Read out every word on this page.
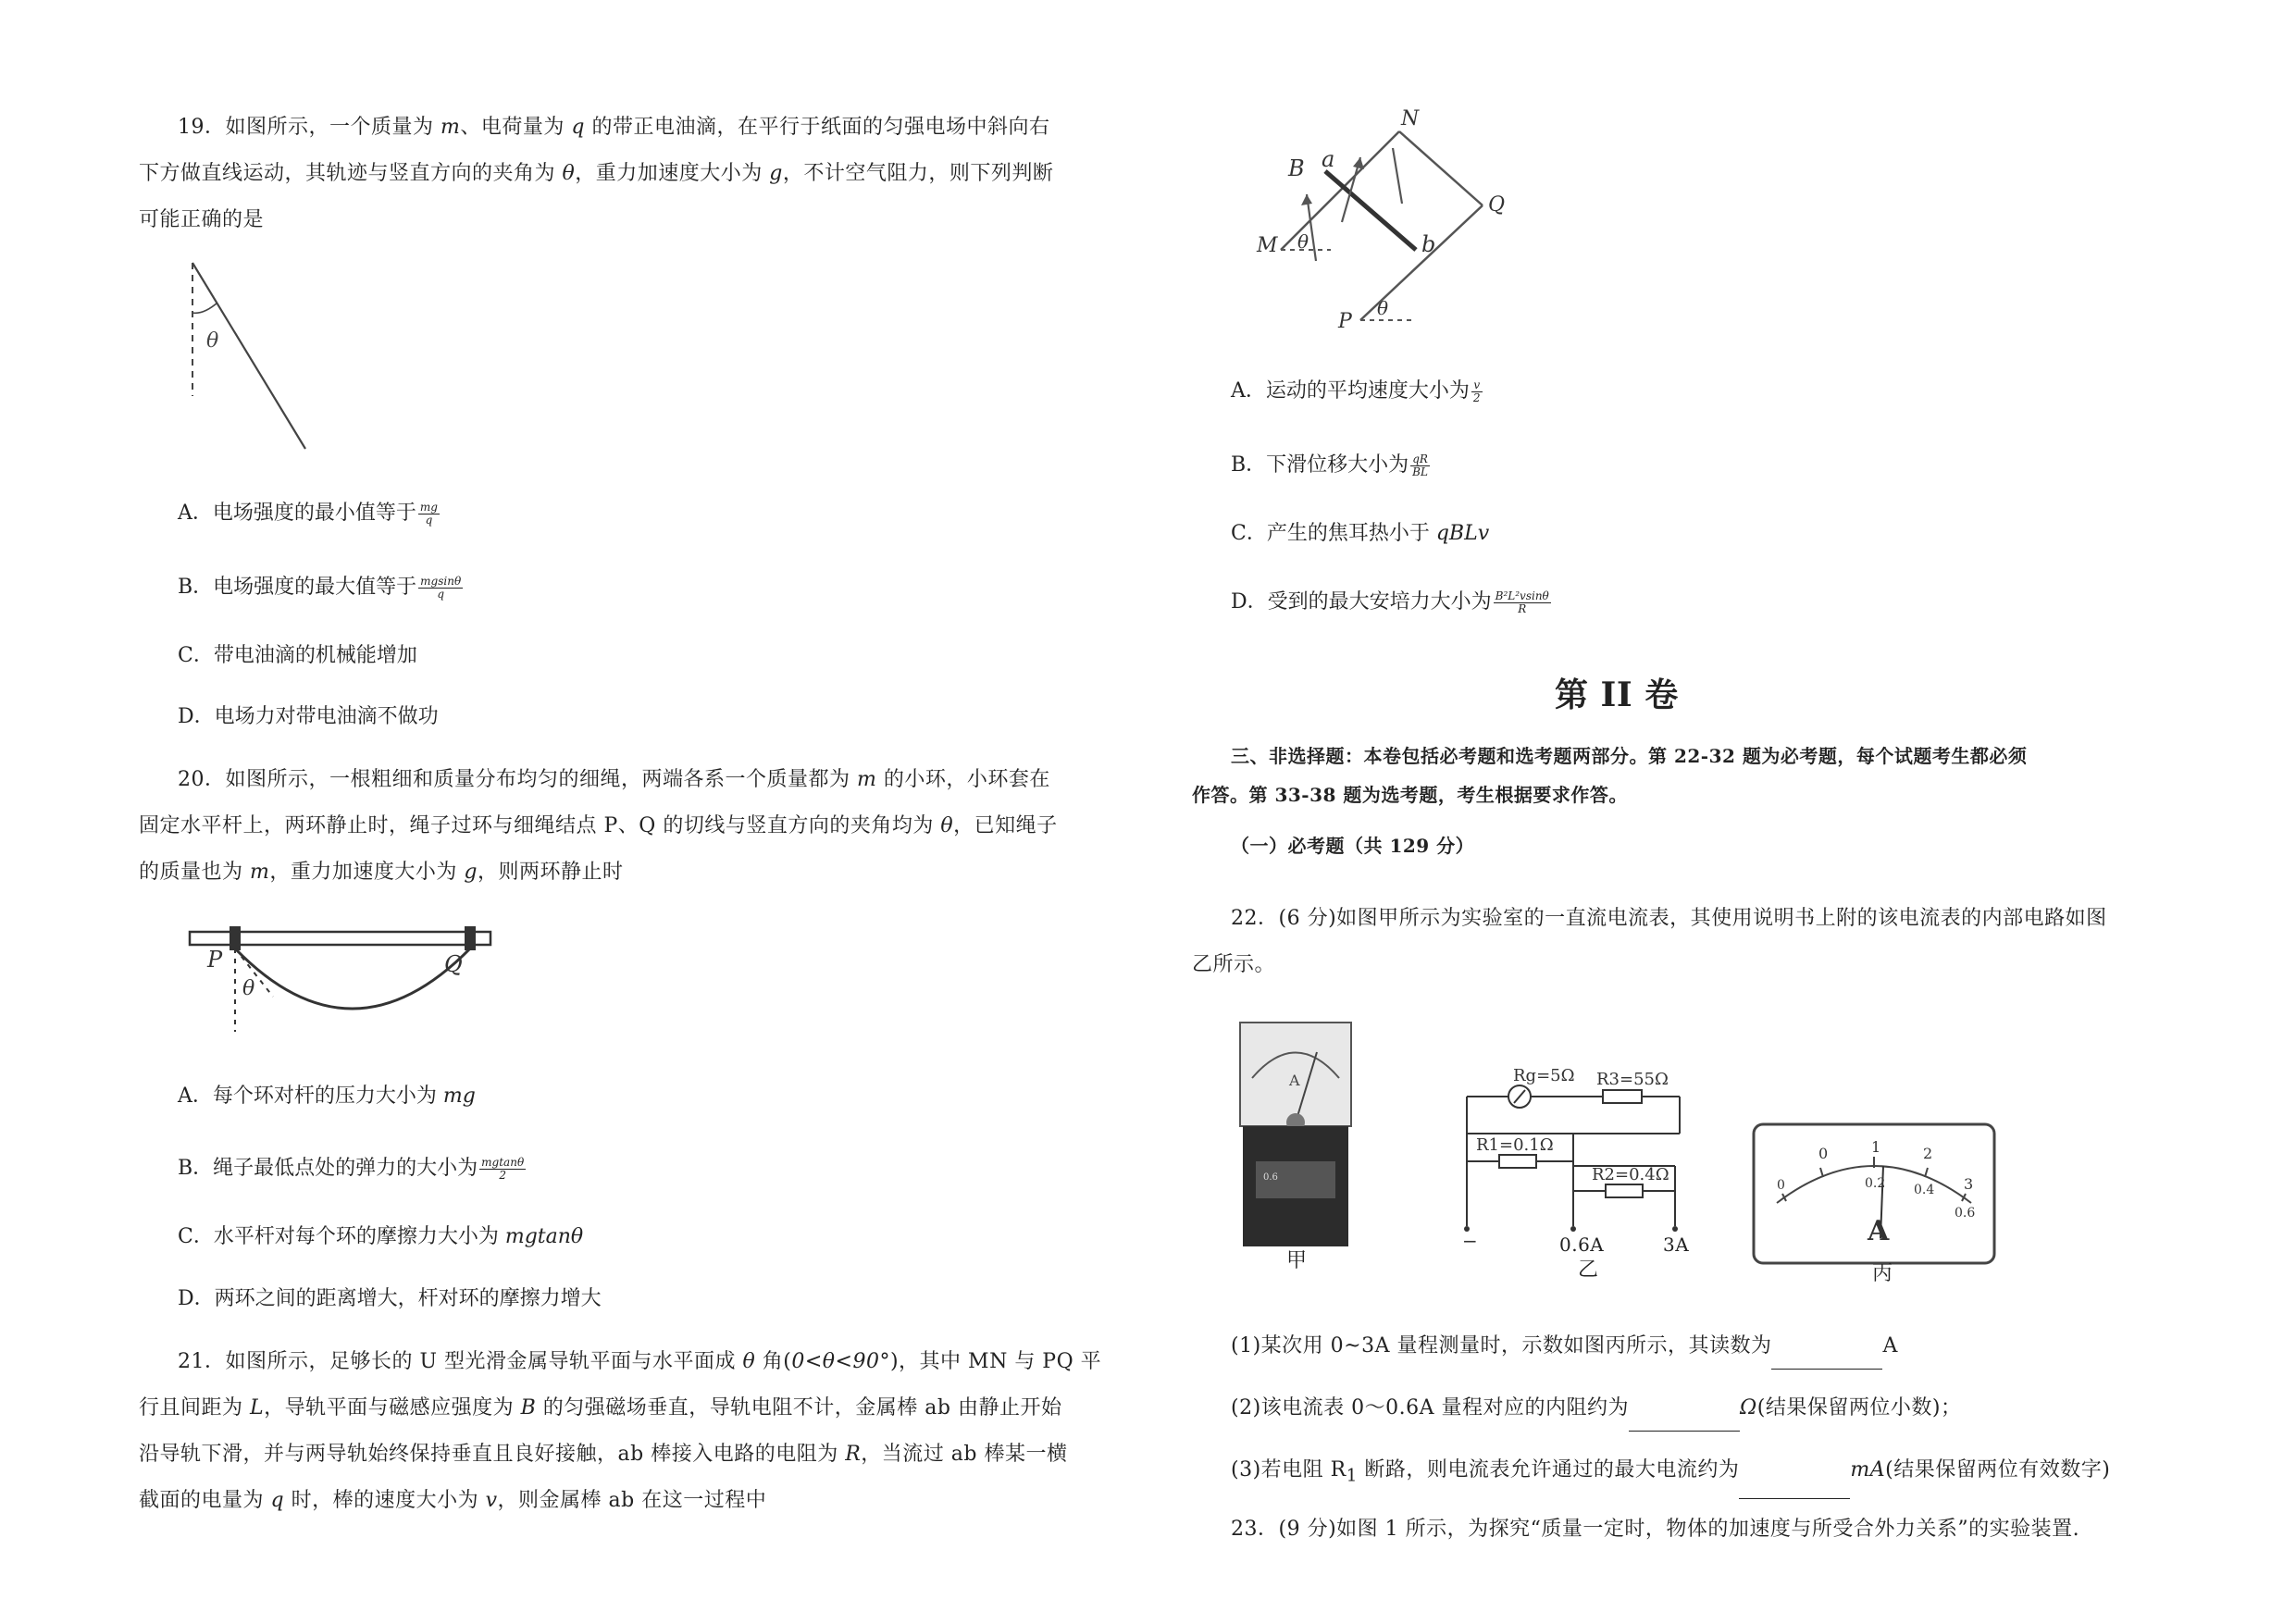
19．如图所示，一个质量为 m、电荷量为 q 的带正电油滴，在平行于纸面的匀强电场中斜向右
下方做直线运动，其轨迹与竖直方向的夹角为 θ，重力加速度大小为 g，不计空气阻力，则下列判断
可能正确的是
θ
A．电场强度的最小值等于 $\frac{mg}{q}$
B．电场强度的最大值等于 $\frac{mgsin\theta}{q}$
C．带电油滴的机械能增加
D．电场力对带电油滴不做功
20．如图所示，一根粗细和质量分布均匀的细绳，两端各系一个质量都为 m 的小环，小环套在
固定水平杆上，两环静止时，绳子过环与细绳结点 P、Q 的切线与竖直方向的夹角均为 θ，已知绳子
的质量也为 m，重力加速度大小为 g，则两环静止时
P	Q
θ
A．每个环对杆的压力大小为 mg
B．绳子最低点处的弹力的大小为 $\frac{mgtan\theta}{2}$
C．水平杆对每个环的摩擦力大小为 mgtanθ
D．两环之间的距离增大，杆对环的摩擦力增大
21．如图所示，足够长的 U 型光滑金属导轨平面与水平面成 θ 角(0<θ<90°)，其中 MN 与 PQ 平
行且间距为 L，导轨平面与磁感应强度为 B 的匀强磁场垂直，导轨电阻不计，金属棒 ab 由静止开始
沿导轨下滑，并与两导轨始终保持垂直且良好接触，ab 棒接入电路的电阻为 R，当流过 ab 棒某一横
截面的电量为 q 时，棒的速度大小为 v，则金属棒 ab 在这一过程中
N
B a
Q
M θ	b
P
θ
A．运动的平均速度大小为 $\frac{v}{2}$
B．下滑位移大小为 $\frac{qR}{BL}$
C．产生的焦耳热小于 qBLv
D．受到的最大安培力大小为 $\frac{\text{B²L²vsinθ}}{R}$
第 II 卷
三、非选择题：本卷包括必考题和选考题两部分。第 22-32 题为必考题，每个试题考生都必须
作答。第 33-38 题为选考题，考生根据要求作答。
（一）必考题（共 129 分）
22．(6 分)如图甲所示为实验室的一直流电流表，其使用说明书上附的该电流表的内部电路如图
乙所示。
A
0.6
甲
Rg=5Ω R3=55Ω
R1=0.1Ω
R2=0.4Ω
−	0.6A	3A
乙
0	1	2
3
0	0.2 0.4
0.6
A
丙
(1)某次用 0~3A 量程测量时，示数如图丙所示，其读数为	A
(2)该电流表 0～0.6A 量程对应的内阻约为	Ω(结果保留两位小数)；
(3)若电阻 $R_1$ 断路，则电流表允许通过的最大电流约为	mA(结果保留两位有效数字)
23．(9 分)如图 1 所示，为探究“质量一定时，物体的加速度与所受合外力关系”的实验装置.
